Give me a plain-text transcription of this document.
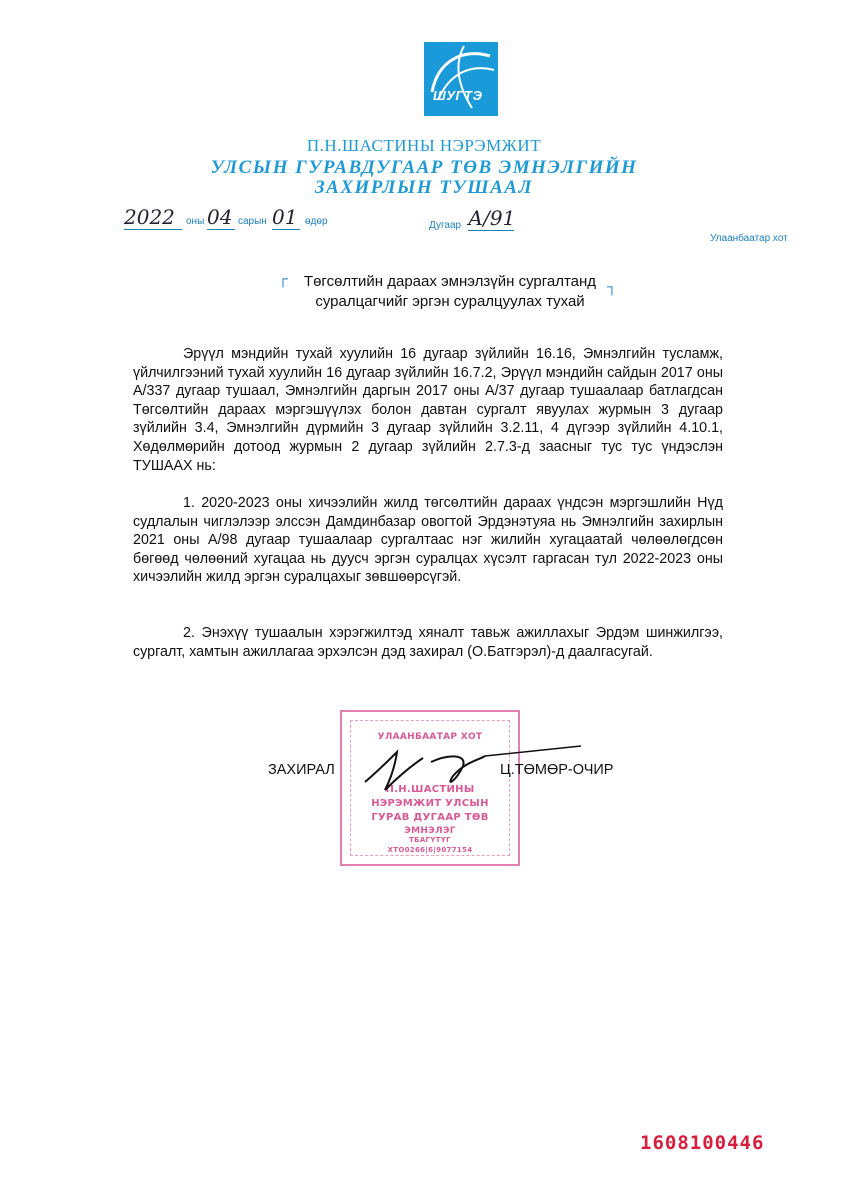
ШУГТЭ
П.Н.ШАСТИНЫ НЭРЭМЖИТ
УЛСЫН ГУРАВДУГААР ТӨВ ЭМНЭЛГИЙН
ЗАХИРЛЫН ТУШААЛ
2022	оны 04 сарын 01 өдөр	Дугаар А/91
Улаанбаатар хот
┌	┐
Төгсөлтийн дараах эмнэлзүйн сургалтанд
суралцагчийг эргэн суралцуулах тухай
Эрүүл мэндийн тухай хуулийн 16 дугаар зүйлийн 16.16, Эмнэлгийн тусламж, үйлчилгээний тухай хуулийн 16 дугаар зүйлийн 16.7.2, Эрүүл мэндийн сайдын 2017 оны А/337 дугаар тушаал, Эмнэлгийн даргын 2017 оны А/37 дугаар тушаалаар батлагдсан Төгсөлтийн дараах мэргэшүүлэх болон давтан сургалт явуулах журмын 3 дугаар зүйлийн 3.4, Эмнэлгийн дүрмийн 3 дугаар зүйлийн 3.2.11, 4 дүгээр зүйлийн 4.10.1, Хөдөлмөрийн дотоод журмын 2 дугаар зүйлийн 2.7.3-д заасныг тус тус үндэслэн ТУШААХ нь:
1. 2020-2023 оны хичээлийн жилд төгсөлтийн дараах үндсэн мэргэшлийн Нүд судлалын чиглэлээр элссэн Дамдинбазар овогтой Эрдэнэтуяа нь Эмнэлгийн захирлын 2021 оны А/98 дугаар тушаалаар сургалтаас нэг жилийн хугацаатай чөлөөлөгдсөн бөгөөд чөлөөний хугацаа нь дуусч эргэн суралцах хүсэлт гаргасан тул 2022-2023 оны хичээлийн жилд эргэн суралцахыг зөвшөөрсүгэй.
2. Энэхүү тушаалын хэрэгжилтэд хяналт тавьж ажиллахыг Эрдэм шинжилгээ, сургалт, хамтын ажиллагаа эрхэлсэн дэд захирал (О.Батгэрэл)-д даалгасугай.
УЛААНБААТАР ХОТ
П.Н.ШАСТИНЫ
НЭРЭМЖИТ УЛСЫН
ГУРАВ ДУГААР ТӨВ
ЭМНЭЛЭГ
ТБАГҮТҮГ
ХТО0266|6|9077154
ЗАХИРАЛ	Ц.ТӨМӨР-ОЧИР
1608100446
